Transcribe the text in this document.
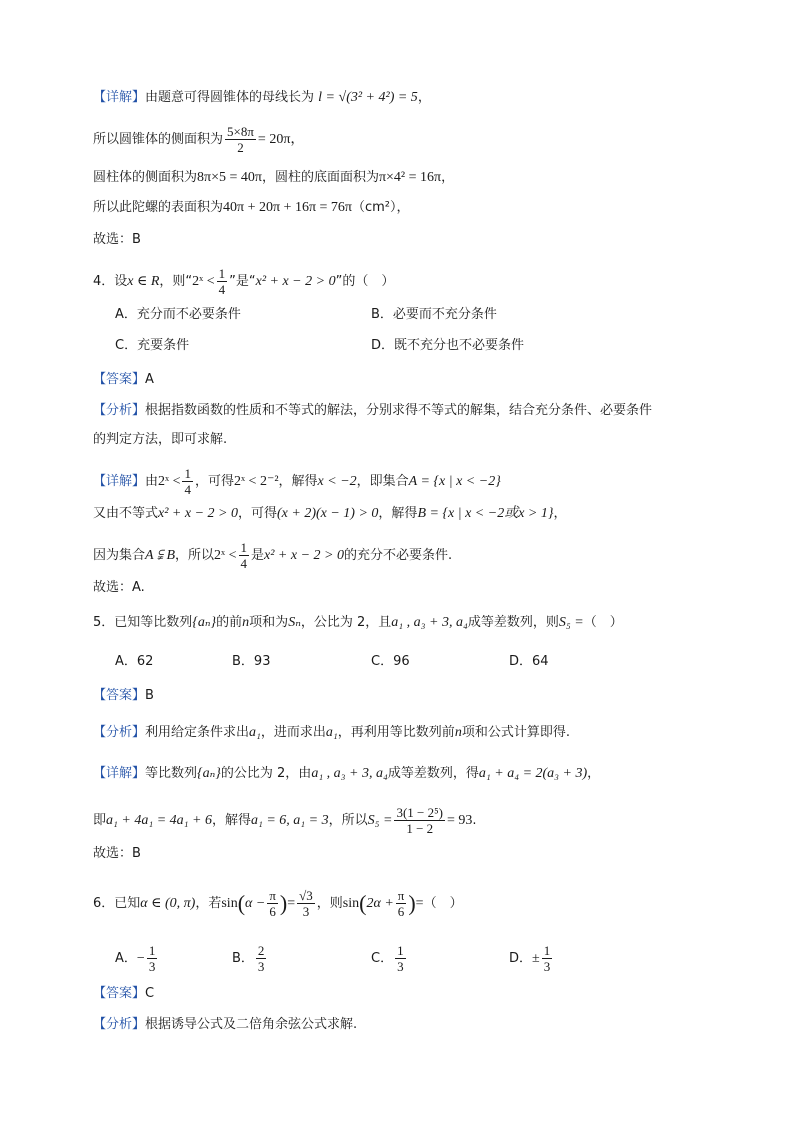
【详解】由题意可得圆锥体的母线长为 l = √(3² + 4²) = 5，
所以圆锥体的侧面积为 $\frac{5\times 8\pi}{2} = 20\pi$，
圆柱体的侧面积为8π×5 = 40π，圆柱的底面面积为π×4² = 16π，
所以此陀螺的表面积为40π + 20π + 16π = 76π（cm²），
故选：B
4．设x ∈ R，则“2ˣ < $\frac{1}{4}$ ”是“x² + x − 2 > 0”的（　）
A．充分而不必要条件	B．必要而不充分条件
C．充要条件	D．既不充分也不必要条件
【答案】A
【分析】根据指数函数的性质和不等式的解法，分别求得不等式的解集，结合充分条件、必要条件
的判定方法，即可求解.
【详解】由2ˣ < $\frac{1}{4}$ ，可得2ˣ < 2⁻²，解得x < −2，即集合A = {x | x < −2}
又由不等式x² + x − 2 > 0，可得(x + 2)(x − 1) > 0，解得B = {x | x < −2或x > 1}，
因为集合A ⫋ B，所以2ˣ < $\frac{1}{4}$ 是x² + x − 2 > 0的充分不必要条件.
故选：A.
5．已知等比数列{aₙ}的前n项和为Sₙ，公比为 2，且a₁ , a₃ + 3, a₄成等差数列，则S₅ =（　）
A．62	B．93	C．96	D．64
【答案】B
【分析】利用给定条件求出a₁，进而求出a₁，再利用等比数列前n项和公式计算即得.
【详解】等比数列{aₙ}的公比为 2，由a₁ , a₃ + 3, a₄成等差数列，得a₁ + a₄ = 2(a₃ + 3)，
即a₁ + 4a₁ = 4a₁ + 6，解得a₁ = 6, a₁ = 3，所以$S_5 = \frac{\text{3(1 − 2⁵)}}{1 - 2} = 93$.
故选：B
6．已知α ∈ (0, π)，若$\sin(\alpha - \frac{\pi}{6}$ )= $\frac{√3}{3}$ ，则$\sin(2\alpha + \frac{\pi}{6}$ )=（　）
A．− $\frac{1}{3}$	B． $\frac{2}{3}$	C． $\frac{1}{3}$	D．± $\frac{1}{3}$
【答案】C
【分析】根据诱导公式及二倍角余弦公式求解.
